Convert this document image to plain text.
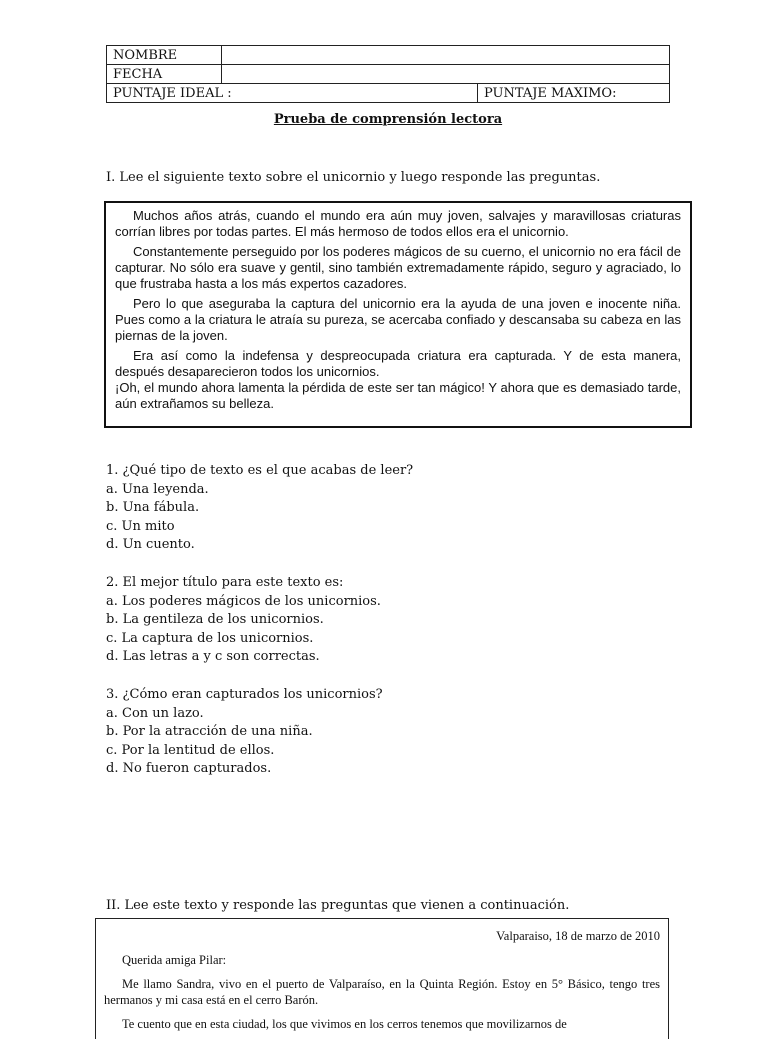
NOMBRE		
FECHA		
PUNTAJE IDEAL :		PUNTAJE MAXIMO:
Prueba de comprensión lectora
I. Lee el siguiente texto sobre el unicornio y luego responde las preguntas.

Muchos años atrás, cuando el mundo era aún muy joven, salvajes y maravillosas criaturas corrían libres por todas partes. El más hermoso de todos ellos era el unicornio.

Constantemente perseguido por los poderes mágicos de su cuerno, el unicornio no era fácil de capturar. No sólo era suave y gentil, sino también extremadamente rápido, seguro y agraciado, lo que frustraba hasta a los más expertos cazadores.

Pero lo que aseguraba la captura del unicornio era la ayuda de una joven e inocente niña. Pues como a la criatura le atraía su pureza, se acercaba confiado y descansaba su cabeza en las piernas de la joven.

Era así como la indefensa y despreocupada criatura era capturada. Y de esta manera, después desaparecieron todos los unicornios.

¡Oh, el mundo ahora lamenta la pérdida de este ser tan mágico! Y ahora que es demasiado tarde, aún extrañamos su belleza.

1. ¿Qué tipo de texto es el que acabas de leer?
a. Una leyenda.
b. Una fábula.
c. Un mito
d. Un cuento.
2. El mejor título para este texto es:
a. Los poderes mágicos de los unicornios.
b. La gentileza de los unicornios.
c. La captura de los unicornios.
d. Las letras a y c son correctas.
3. ¿Cómo eran capturados los unicornios?
a. Con un lazo.
b. Por la atracción de una niña.
c. Por la lentitud de ellos.
d. No fueron capturados.
II. Lee este texto y responde las preguntas que vienen a continuación.
Valparaiso, 18 de marzo de 2010
Querida amiga Pilar:

Me llamo Sandra, vivo en el puerto de Valparaíso, en la Quinta Región. Estoy en 5° Básico, tengo tres hermanos y mi casa está en el cerro Barón.

Te cuento que en esta ciudad, los que vivimos en los cerros tenemos que movilizarnos de
